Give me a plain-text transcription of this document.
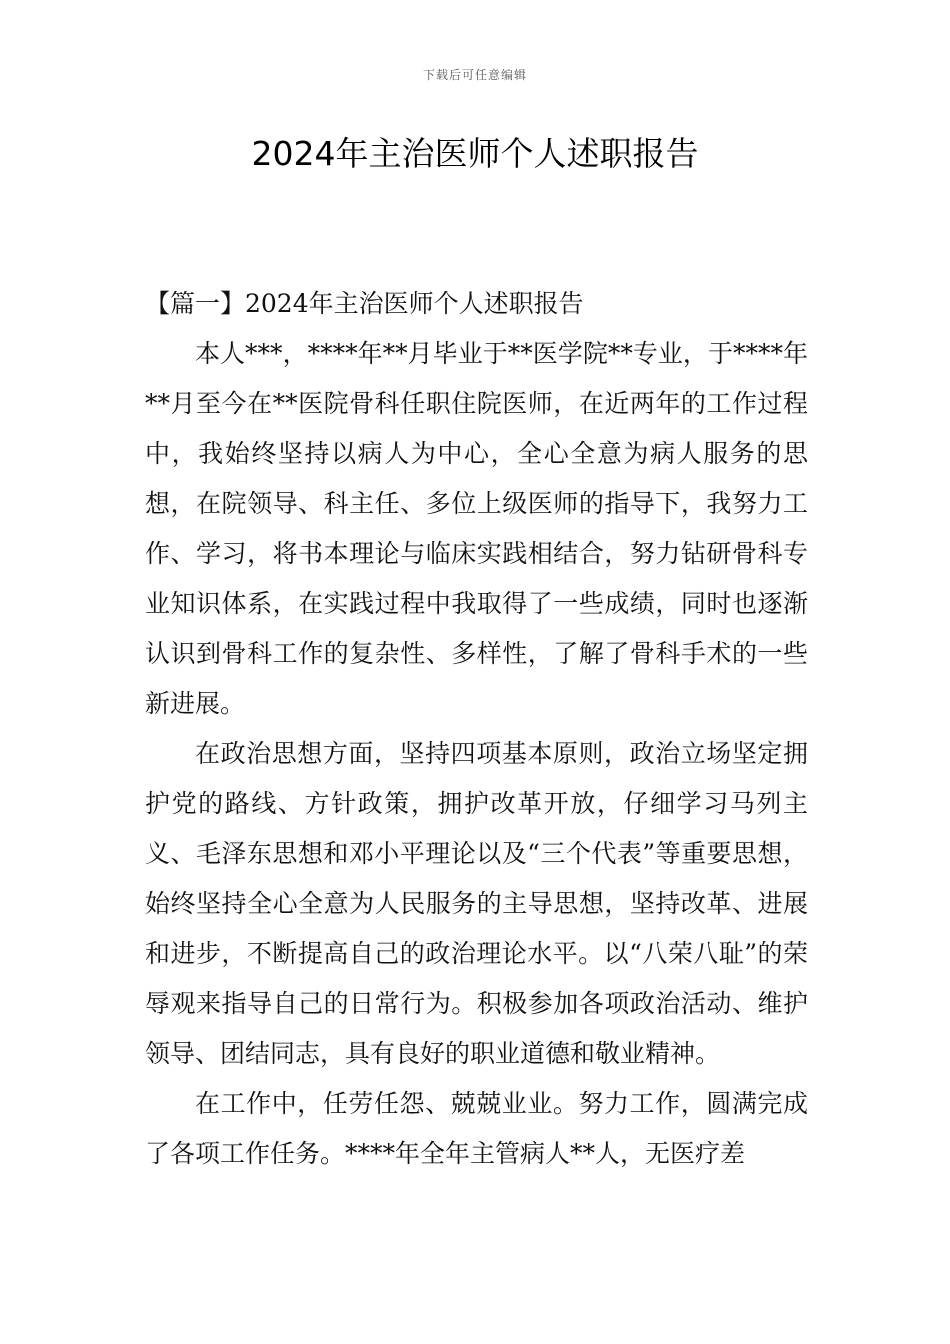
下载后可任意编辑
2024年主治医师个人述职报告

【篇一】2024年主治医师个人述职报告

本人***，****年**月毕业于**医学院**专业，于****年**月至今在**医院骨科任职住院医师，在近两年的工作过程中，我始终坚持以病人为中心，全心全意为病人服务的思想，在院领导、科主任、多位上级医师的指导下，我努力工作、学习，将书本理论与临床实践相结合，努力钻研骨科专业知识体系，在实践过程中我取得了一些成绩，同时也逐渐认识到骨科工作的复杂性、多样性，了解了骨科手术的一些新进展。

在政治思想方面，坚持四项基本原则，政治立场坚定拥护党的路线、方针政策，拥护改革开放，仔细学习马列主义、毛泽东思想和邓小平理论以及“三个代表”等重要思想，始终坚持全心全意为人民服务的主导思想，坚持改革、进展和进步，不断提高自己的政治理论水平。以“八荣八耻”的荣辱观来指导自己的日常行为。积极参加各项政治活动、维护领导、团结同志，具有良好的职业道德和敬业精神。

在工作中，任劳任怨、兢兢业业。努力工作，圆满完成了各项工作任务。****年全年主管病人**人，无医疗差
